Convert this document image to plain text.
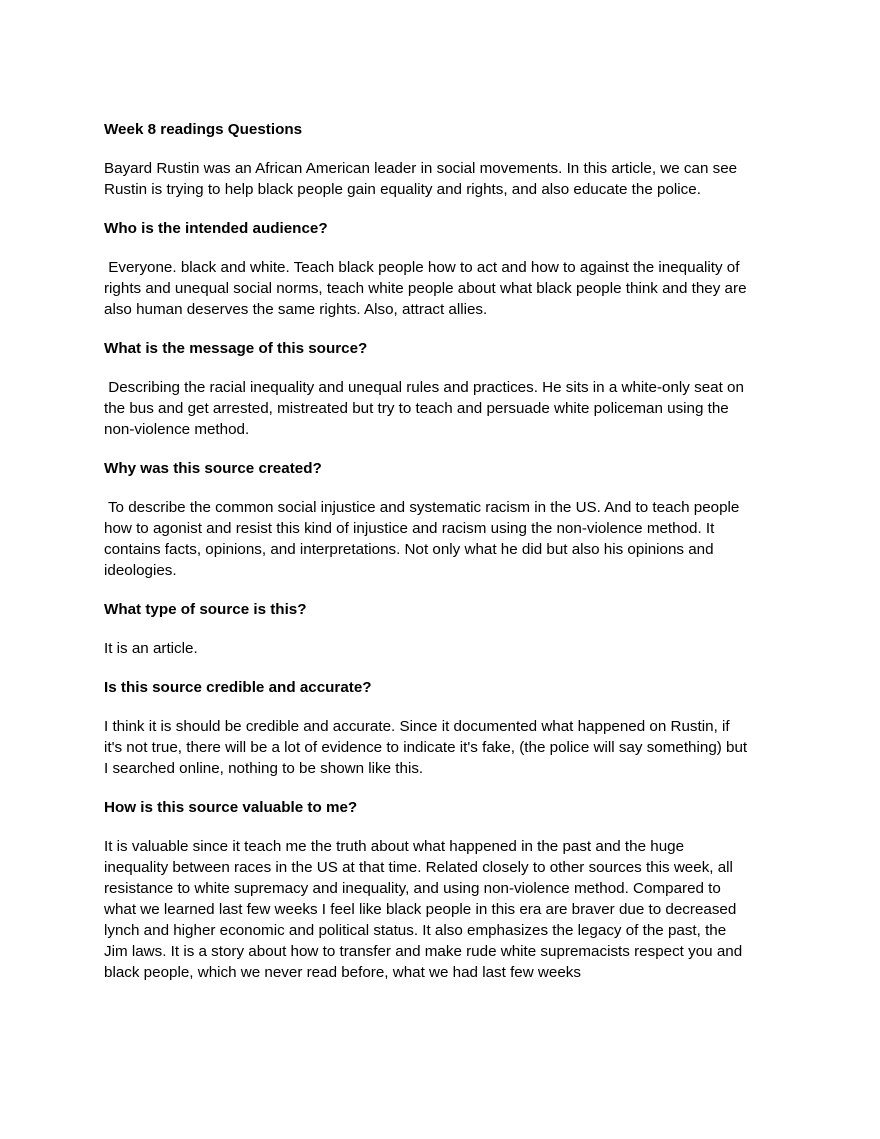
Week 8 readings Questions
Bayard Rustin was an African American leader in social movements. In this article, we can see
Rustin is trying to help black people gain equality and rights, and also educate the police.
Who is the intended audience?
Everyone. black and white. Teach black people how to act and how to against the inequality of
rights and unequal social norms, teach white people about what black people think and they are
also human deserves the same rights. Also, attract allies.
What is the message of this source?
Describing the racial inequality and unequal rules and practices. He sits in a white-only seat on
the bus and get arrested, mistreated but try to teach and persuade white policeman using the
non-violence method.
Why was this source created?
To describe the common social injustice and systematic racism in the US. And to teach people
how to agonist and resist this kind of injustice and racism using the non-violence method. It
contains facts, opinions, and interpretations. Not only what he did but also his opinions and
ideologies.
What type of source is this?
It is an article.
Is this source credible and accurate?
I think it is should be credible and accurate. Since it documented what happened on Rustin, if
it's not true, there will be a lot of evidence to indicate it's fake, (the police will say something) but
I searched online, nothing to be shown like this.
How is this source valuable to me?
It is valuable since it teach me the truth about what happened in the past and the huge
inequality between races in the US at that time. Related closely to other sources this week, all
resistance to white supremacy and inequality, and using non-violence method. Compared to
what we learned last few weeks I feel like black people in this era are braver due to decreased
lynch and higher economic and political status. It also emphasizes the legacy of the past, the
Jim laws. It is a story about how to transfer and make rude white supremacists respect you and
black people, which we never read before, what we had last few weeks
